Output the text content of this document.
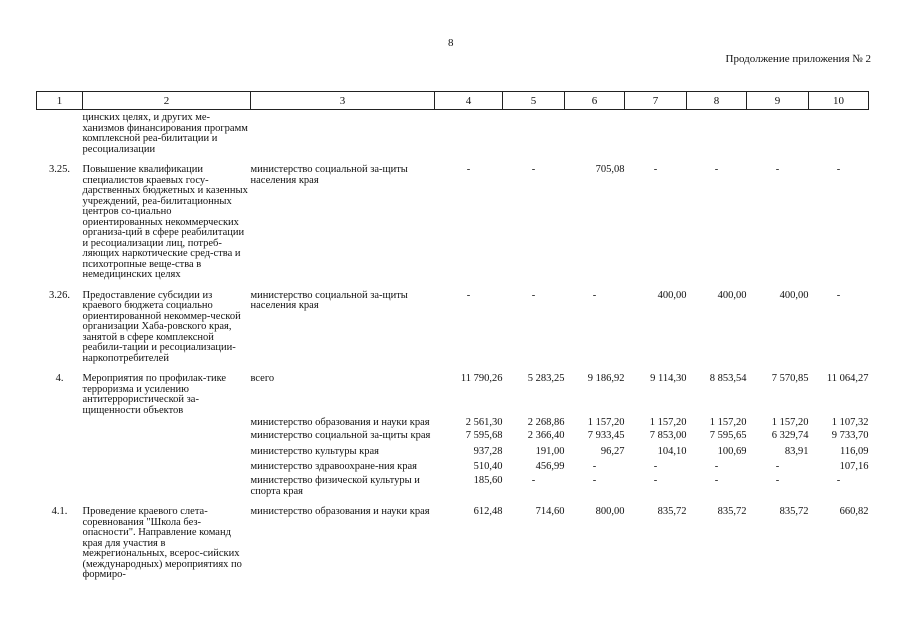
8
Продолжение приложения № 2
1	2	3	4	5	6	7	8	9	10
	цинских целях, и других ме-ханизмов финансирования программ комплексной реа-билитации и ресоциализации								
3.25.	Повышение квалификации специалистов краевых госу-дарственных бюджетных и казенных учреждений, реа-билитационных центров со-циально ориентированных некоммерческих организа-ций в сфере реабилитации и ресоциализации лиц, потреб-ляющих наркотические сред-ства и психотропные веще-ства в немедицинских целях	министерство социальной за-щиты населения края	-	-	705,08	-	-	-	-
3.26.	Предоставление субсидии из краевого бюджета социально ориентированной некоммер-ческой организации Хаба-ровского края, занятой в сфере комплексной реабили-тации и ресоциализации-наркопотребителей	министерство социальной за-щиты населения края	-	-	-	400,00	400,00	400,00	-
4.	Мероприятия по профилак-тике терроризма и усилению антитеррористической за-щищенности объектов	всего	11 790,26	5 283,25	9 186,92	9 114,30	8 853,54	7 570,85	11 064,27
		министерство образования и науки края	2 561,30	2 268,86	1 157,20	1 157,20	1 157,20	1 157,20	1 107,32
		министерство социальной за-щиты края	7 595,68	2 366,40	7 933,45	7 853,00	7 595,65	6 329,74	9 733,70
		министерство культуры края	937,28	191,00	96,27	104,10	100,69	83,91	116,09
		министерство здравоохране-ния края	510,40	456,99	-	-	-	-	107,16
		министерство физической культуры и спорта края	185,60	-	-	-	-	-	-
4.1.	Проведение краевого слета-соревнования "Школа без-опасности". Направление команд края для участия в межрегиональных, всерос-сийских (международных) мероприятиях по формиро-	министерство образования и науки края	612,48	714,60	800,00	835,72	835,72	835,72	660,82
